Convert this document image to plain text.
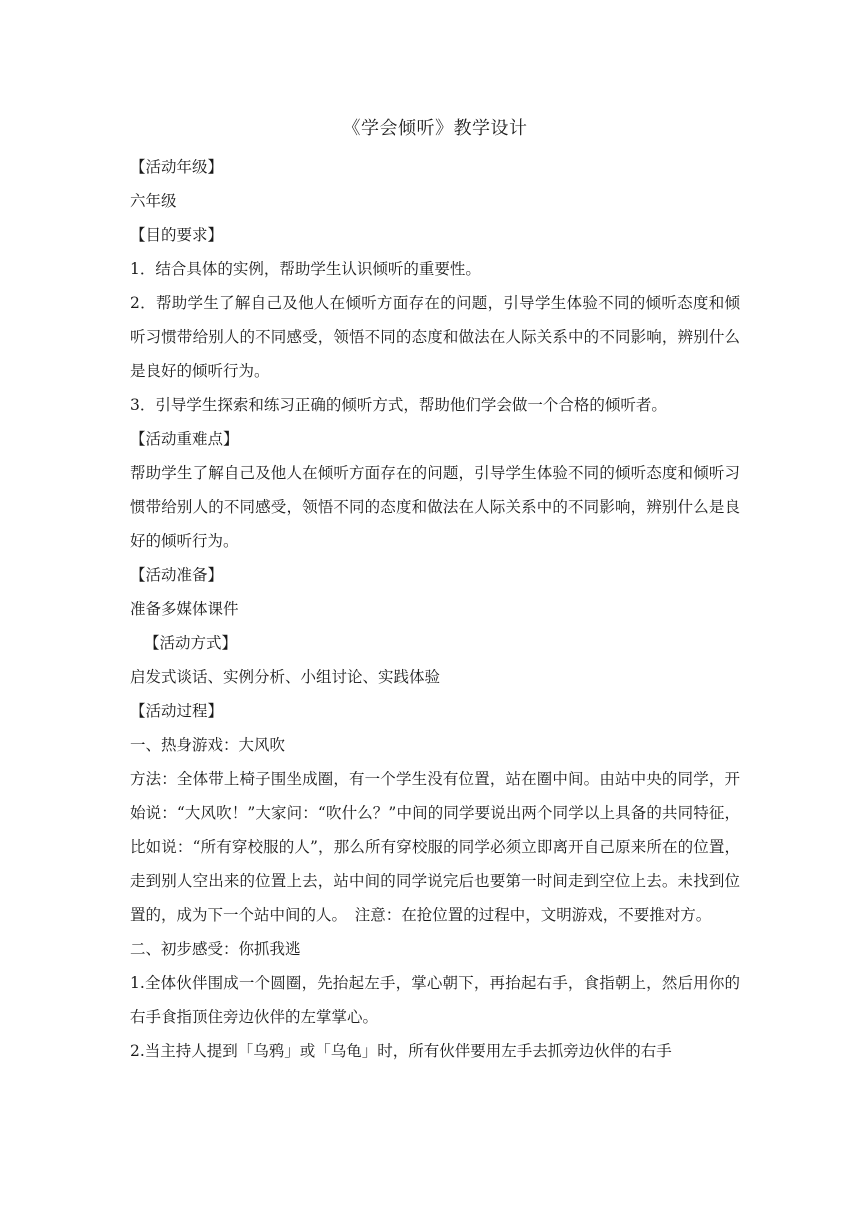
《学会倾听》教学设计
【活动年级】
六年级
【目的要求】
1．结合具体的实例，帮助学生认识倾听的重要性。
2．帮助学生了解自己及他人在倾听方面存在的问题，引导学生体验不同的倾听态度和倾听习惯带给别人的不同感受，领悟不同的态度和做法在人际关系中的不同影响，辨别什么是良好的倾听行为。
3．引导学生探索和练习正确的倾听方式，帮助他们学会做一个合格的倾听者。
【活动重难点】
帮助学生了解自己及他人在倾听方面存在的问题，引导学生体验不同的倾听态度和倾听习惯带给别人的不同感受，领悟不同的态度和做法在人际关系中的不同影响，辨别什么是良好的倾听行为。
【活动准备】
准备多媒体课件
【活动方式】
启发式谈话、实例分析、小组讨论、实践体验
【活动过程】
一、热身游戏：大风吹
方法：全体带上椅子围坐成圈，有一个学生没有位置，站在圈中间。由站中央的同学，开始说：“大风吹！”大家问：“吹什么？”中间的同学要说出两个同学以上具备的共同特征，比如说：“所有穿校服的人”，那么所有穿校服的同学必须立即离开自己原来所在的位置，走到别人空出来的位置上去，站中间的同学说完后也要第一时间走到空位上去。未找到位置的，成为下一个站中间的人。　注意：在抢位置的过程中，文明游戏，不要推对方。
二、初步感受：你抓我逃
1.全体伙伴围成一个圆圈，先抬起左手，掌心朝下，再抬起右手，食指朝上，然后用你的右手食指顶住旁边伙伴的左掌掌心。
2.当主持人提到「乌鸦」或「乌龟」时，所有伙伴要用左手去抓旁边伙伴的右手
